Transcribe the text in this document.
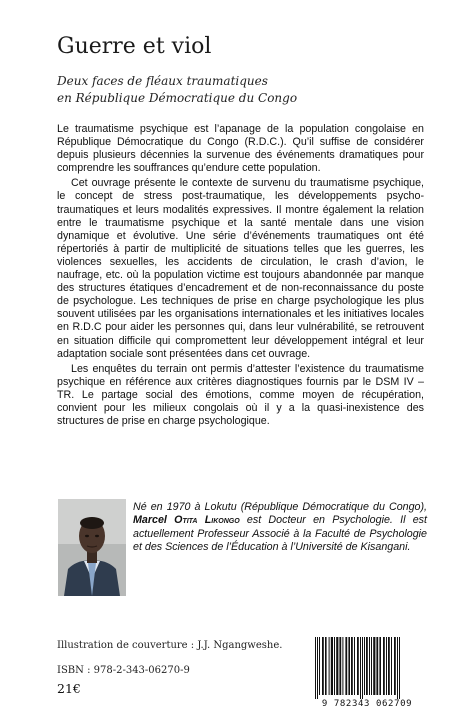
Guerre et viol
Deux faces de fléaux traumatiques
en République Démocratique du Congo

Le traumatisme psychique est l’apanage de la population congolaise en République Démocratique du Congo (R.D.C.). Qu’il suffise de considérer depuis plusieurs décennies la survenue des événements dramatiques pour comprendre les souffrances qu’endure cette population.

Cet ouvrage présente le contexte de survenu du traumatisme psychique, le concept de stress post-traumatique, les développements psycho-traumatiques et leurs modalités expressives. Il montre également la relation entre le traumatisme psychique et la santé mentale dans une vision dynamique et évolutive. Une série d’événements traumatiques ont été répertoriés à partir de multiplicité de situations telles que les guerres, les violences sexuelles, les accidents de circulation, le crash d’avion, le naufrage, etc. où la population victime est toujours abandonnée par manque des structures étatiques d’encadrement et de non-reconnaissance du poste de psychologue. Les techniques de prise en charge psychologique les plus souvent utilisées par les organisations internationales et les initiatives locales en R.D.C pour aider les personnes qui, dans leur vulnérabilité, se retrouvent en situation difficile qui compromettent leur développement intégral et leur adaptation sociale sont présentées dans cet ouvrage.

Les enquêtes du terrain ont permis d’attester l’existence du traumatisme psychique en référence aux critères diagnostiques fournis par le DSM IV – TR. Le partage social des émotions, comme moyen de récupération, convient pour les milieux congolais où il y a la quasi-inexistence des structures de prise en charge psychologique.

Né en 1970 à Lokutu (République Démocratique du Congo), Marcel Otita Likongo est Docteur en Psychologie. Il est actuellement Professeur Associé à la Faculté de Psychologie et des Sciences de l’Éducation à l’Université de Kisangani.
Illustration de couverture : J.J. Ngangweshe.
ISBN : 978-2-343-06270-9
21€
9 782343 062709
